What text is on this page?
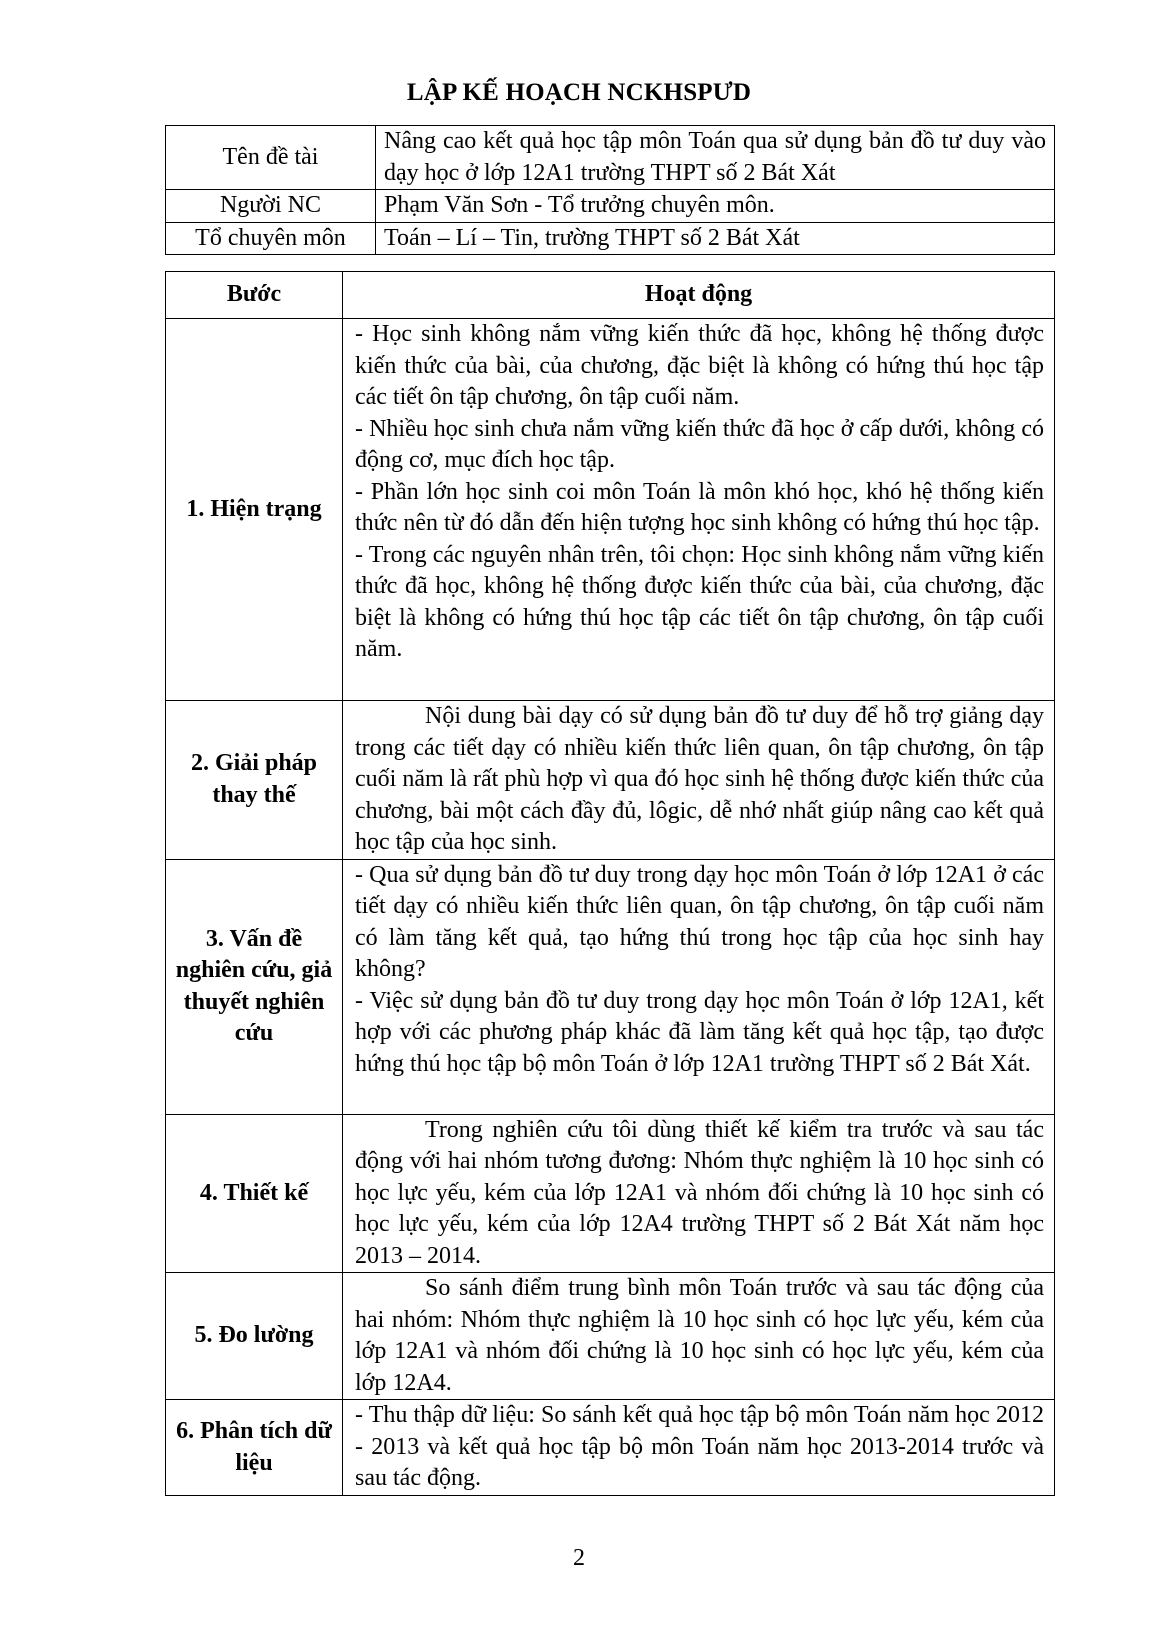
LẬP KẾ HOẠCH NCKHSPƯD
Tên đề tài	Nâng cao kết quả học tập môn Toán qua sử dụng bản đồ tư duy vào dạy học ở lớp 12A1 trường THPT số 2 Bát Xát
Người NC	Phạm Văn Sơn - Tổ trưởng chuyên môn.
Tổ chuyên môn	Toán – Lí – Tin, trường THPT số 2 Bát Xát
Bước	Hoạt động
1. Hiện trạng	- Học sinh không nắm vững kiến thức đã học, không hệ thống được kiến thức của bài, của chương, đặc biệt là không có hứng thú học tập các tiết ôn tập chương, ôn tập cuối năm.

- Nhiều học sinh chưa nắm vững kiến thức đã học ở cấp dưới, không có động cơ, mục đích học tập.

- Phần lớn học sinh coi môn Toán là môn khó học, khó hệ thống kiến thức nên từ đó dẫn đến hiện tượng học sinh không có hứng thú học tập.

- Trong các nguyên nhân trên, tôi chọn: Học sinh không nắm vững kiến thức đã học, không hệ thống được kiến thức của bài, của chương, đặc biệt là không có hứng thú học tập các tiết ôn tập chương, ôn tập cuối năm.

2. Giải pháp thay thế	Nội dung bài dạy có sử dụng bản đồ tư duy để hỗ trợ giảng dạy trong các tiết dạy có nhiều kiến thức liên quan, ôn tập chương, ôn tập cuối năm là rất phù hợp vì qua đó học sinh hệ thống được kiến thức của chương, bài một cách đầy đủ, lôgic, dễ nhớ nhất giúp nâng cao kết quả học tập của học sinh.

3. Vấn đề nghiên cứu, giả thuyết nghiên cứu	- Qua sử dụng bản đồ tư duy trong dạy học môn Toán ở lớp 12A1 ở các tiết dạy có nhiều kiến thức liên quan, ôn tập chương, ôn tập cuối năm có làm tăng kết quả, tạo hứng thú trong học tập của học sinh hay không?

- Việc sử dụng bản đồ tư duy trong dạy học môn Toán ở lớp 12A1, kết hợp với các phương pháp khác đã làm tăng kết quả học tập, tạo được hứng thú học tập bộ môn Toán ở lớp 12A1 trường THPT số 2 Bát Xát.

4. Thiết kế	Trong nghiên cứu tôi dùng thiết kế kiểm tra trước và sau tác động với hai nhóm tương đương: Nhóm thực nghiệm là 10 học sinh có học lực yếu, kém của lớp 12A1 và nhóm đối chứng là 10 học sinh có học lực yếu, kém của lớp 12A4 trường THPT số 2 Bát Xát năm học 2013 – 2014.

5. Đo lường	So sánh điểm trung bình môn Toán trước và sau tác động của hai nhóm: Nhóm thực nghiệm là 10 học sinh có học lực yếu, kém của lớp 12A1 và nhóm đối chứng là 10 học sinh có học lực yếu, kém của lớp 12A4.

6. Phân tích dữ liệu	- Thu thập dữ liệu: So sánh kết quả học tập bộ môn Toán năm học 2012 - 2013 và kết quả học tập bộ môn Toán năm học 2013-2014 trước và sau tác động.

2
